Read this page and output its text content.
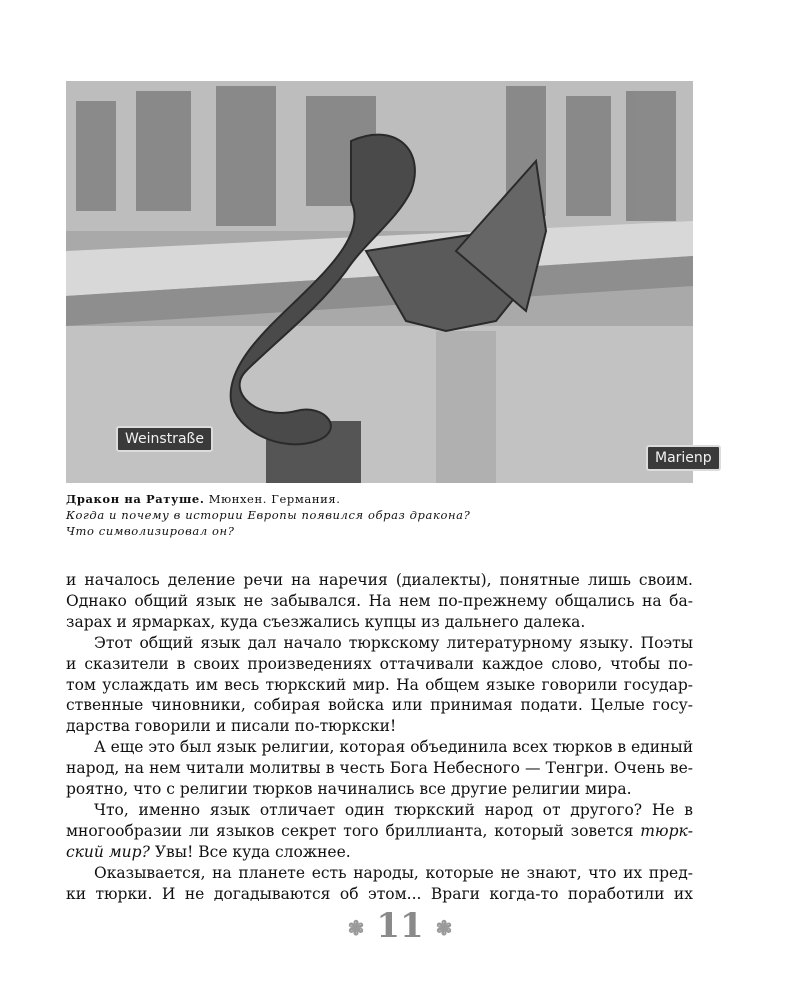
Weinstraße
Marienp
Дракон на Ратуше. Мюнхен. Германия.
Когда и почему в истории Европы появился образ дракона?
Что символизировал он?
и началось деление речи на наречия (диалекты), понятные лишь своим.
Однако общий язык не забывался. На нем по-прежнему общались на ба-
зарах и ярмарках, куда съезжались купцы из дальнего далека.
Этот общий язык дал начало тюркскому литературному языку. Поэты
и сказители в своих произведениях оттачивали каждое слово, чтобы по-
том услаждать им весь тюркский мир. На общем языке говорили государ-
ственные чиновники, собирая войска или принимая подати. Целые госу-
дарства говорили и писали по-тюркски!
А еще это был язык религии, которая объединила всех тюрков в единый
народ, на нем читали молитвы в честь Бога Небесного — Тенгри. Очень ве-
роятно, что с религии тюрков начинались все другие религии мира.
Что, именно язык отличает один тюркский народ от другого? Не в
многообразии ли языков секрет того бриллианта, который зовется тюрк-
ский мир? Увы! Все куда сложнее.
Оказывается, на планете есть народы, которые не знают, что их пред-
ки тюрки. И не догадываются об этом... Враги когда-то поработили их
❃ 11 ❃
